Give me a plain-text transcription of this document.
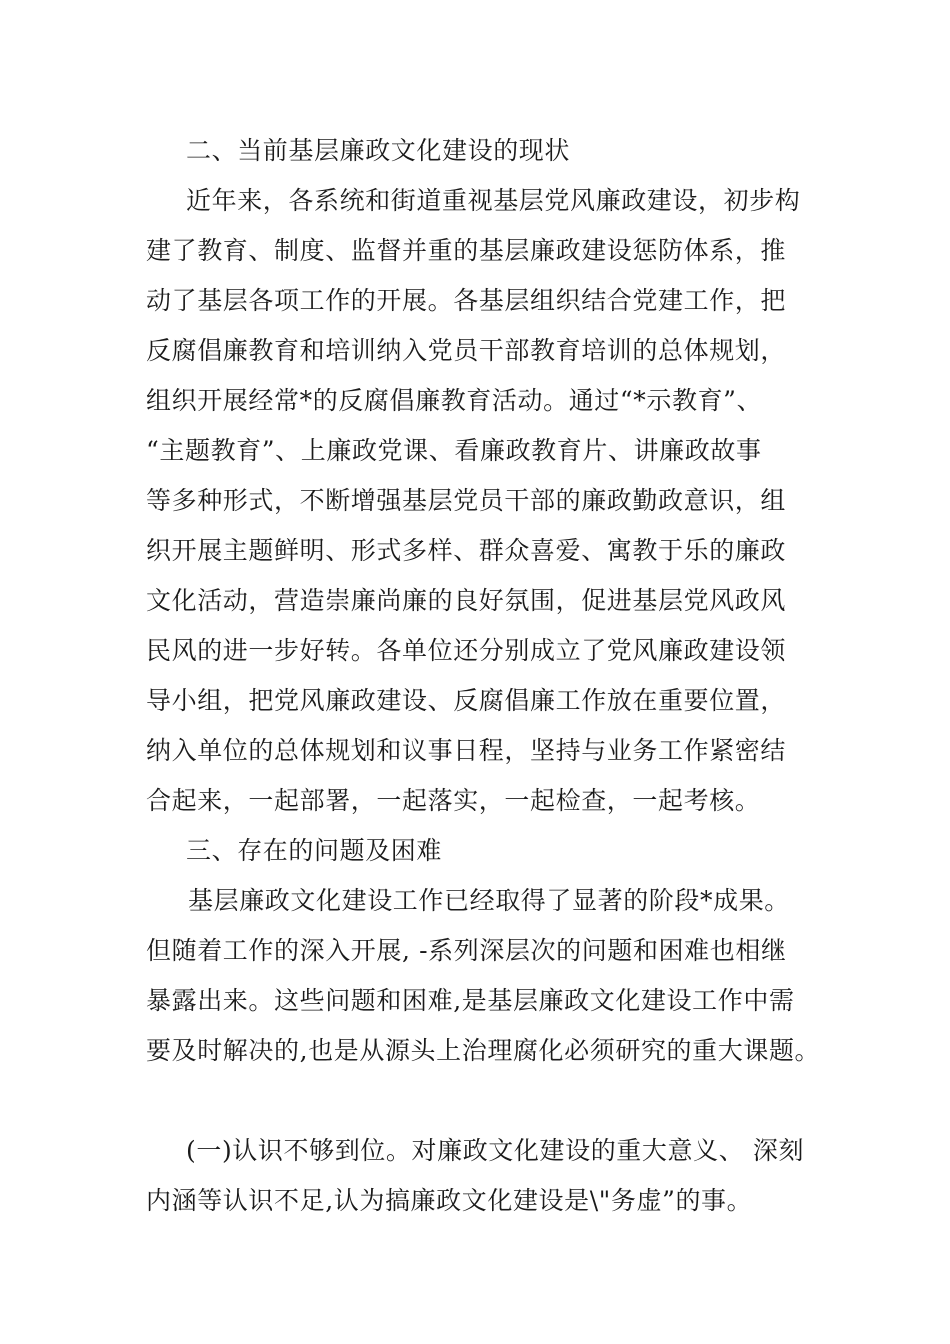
二、当前基层廉政文化建设的现状
近年来，各系统和街道重视基层党风廉政建设，初步构
建了教育、制度、监督并重的基层廉政建设惩防体系，推
动了基层各项工作的开展。各基层组织结合党建工作，把
反腐倡廉教育和培训纳入党员干部教育培训的总体规划，
组织开展经常*的反腐倡廉教育活动。通过“*示教育”、
“主题教育”、上廉政党课、看廉政教育片、讲廉政故事
等多种形式，不断增强基层党员干部的廉政勤政意识，组
织开展主题鲜明、形式多样、群众喜爱、寓教于乐的廉政
文化活动，营造崇廉尚廉的良好氛围，促进基层党风政风
民风的进一步好转。各单位还分别成立了党风廉政建设领
导小组，把党风廉政建设、反腐倡廉工作放在重要位置，
纳入单位的总体规划和议事日程，坚持与业务工作紧密结
合起来，一起部署，一起落实，一起检查，一起考核。
三、存在的问题及困难
基层廉政文化建设工作已经取得了显著的阶段*成果。
但随着工作的深入开展, -系列深层次的问题和困难也相继
暴露出来。这些问题和困难,是基层廉政文化建设工作中需
要及时解决的,也是从源头上治理腐化必须研究的重大课题。
(一)认识不够到位。对廉政文化建设的重大意义、 深刻
内涵等认识不足,认为搞廉政文化建设是\"务虚”的事。
